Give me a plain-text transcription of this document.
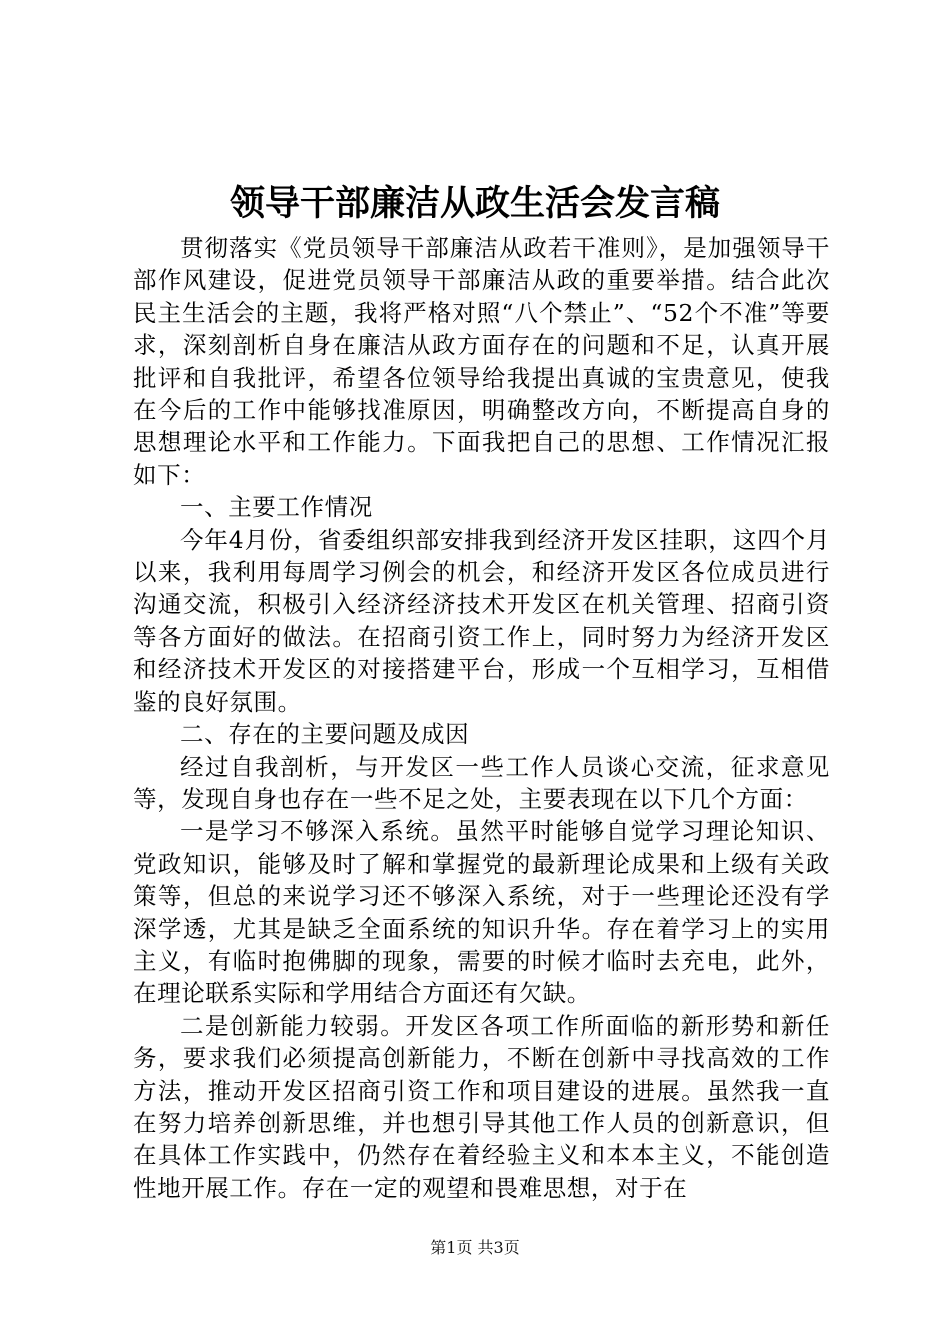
领导干部廉洁从政生活会发言稿

贯彻落实《党员领导干部廉洁从政若干准则》，是加强领导干部作风建设，促进党员领导干部廉洁从政的重要举措。结合此次民主生活会的主题，我将严格对照“八个禁止”、“52个不准”等要求，深刻剖析自身在廉洁从政方面存在的问题和不足，认真开展批评和自我批评，希望各位领导给我提出真诚的宝贵意见，使我在今后的工作中能够找准原因，明确整改方向，不断提高自身的思想理论水平和工作能力。下面我把自己的思想、工作情况汇报如下：

一、主要工作情况

今年4月份，省委组织部安排我到经济开发区挂职，这四个月以来，我利用每周学习例会的机会，和经济开发区各位成员进行沟通交流，积极引入经济经济技术开发区在机关管理、招商引资等各方面好的做法。在招商引资工作上，同时努力为经济开发区和经济技术开发区的对接搭建平台，形成一个互相学习，互相借鉴的良好氛围。

二、存在的主要问题及成因

经过自我剖析，与开发区一些工作人员谈心交流，征求意见等，发现自身也存在一些不足之处，主要表现在以下几个方面：

一是学习不够深入系统。虽然平时能够自觉学习理论知识、党政知识，能够及时了解和掌握党的最新理论成果和上级有关政策等，但总的来说学习还不够深入系统，对于一些理论还没有学深学透，尤其是缺乏全面系统的知识升华。存在着学习上的实用主义，有临时抱佛脚的现象，需要的时候才临时去充电，此外，在理论联系实际和学用结合方面还有欠缺。

二是创新能力较弱。开发区各项工作所面临的新形势和新任务，要求我们必须提高创新能力，不断在创新中寻找高效的工作方法，推动开发区招商引资工作和项目建设的进展。虽然我一直在努力培养创新思维，并也想引导其他工作人员的创新意识，但在具体工作实践中，仍然存在着经验主义和本本主义，不能创造性地开展工作。存在一定的观望和畏难思想，对于在

第1页 共3页
